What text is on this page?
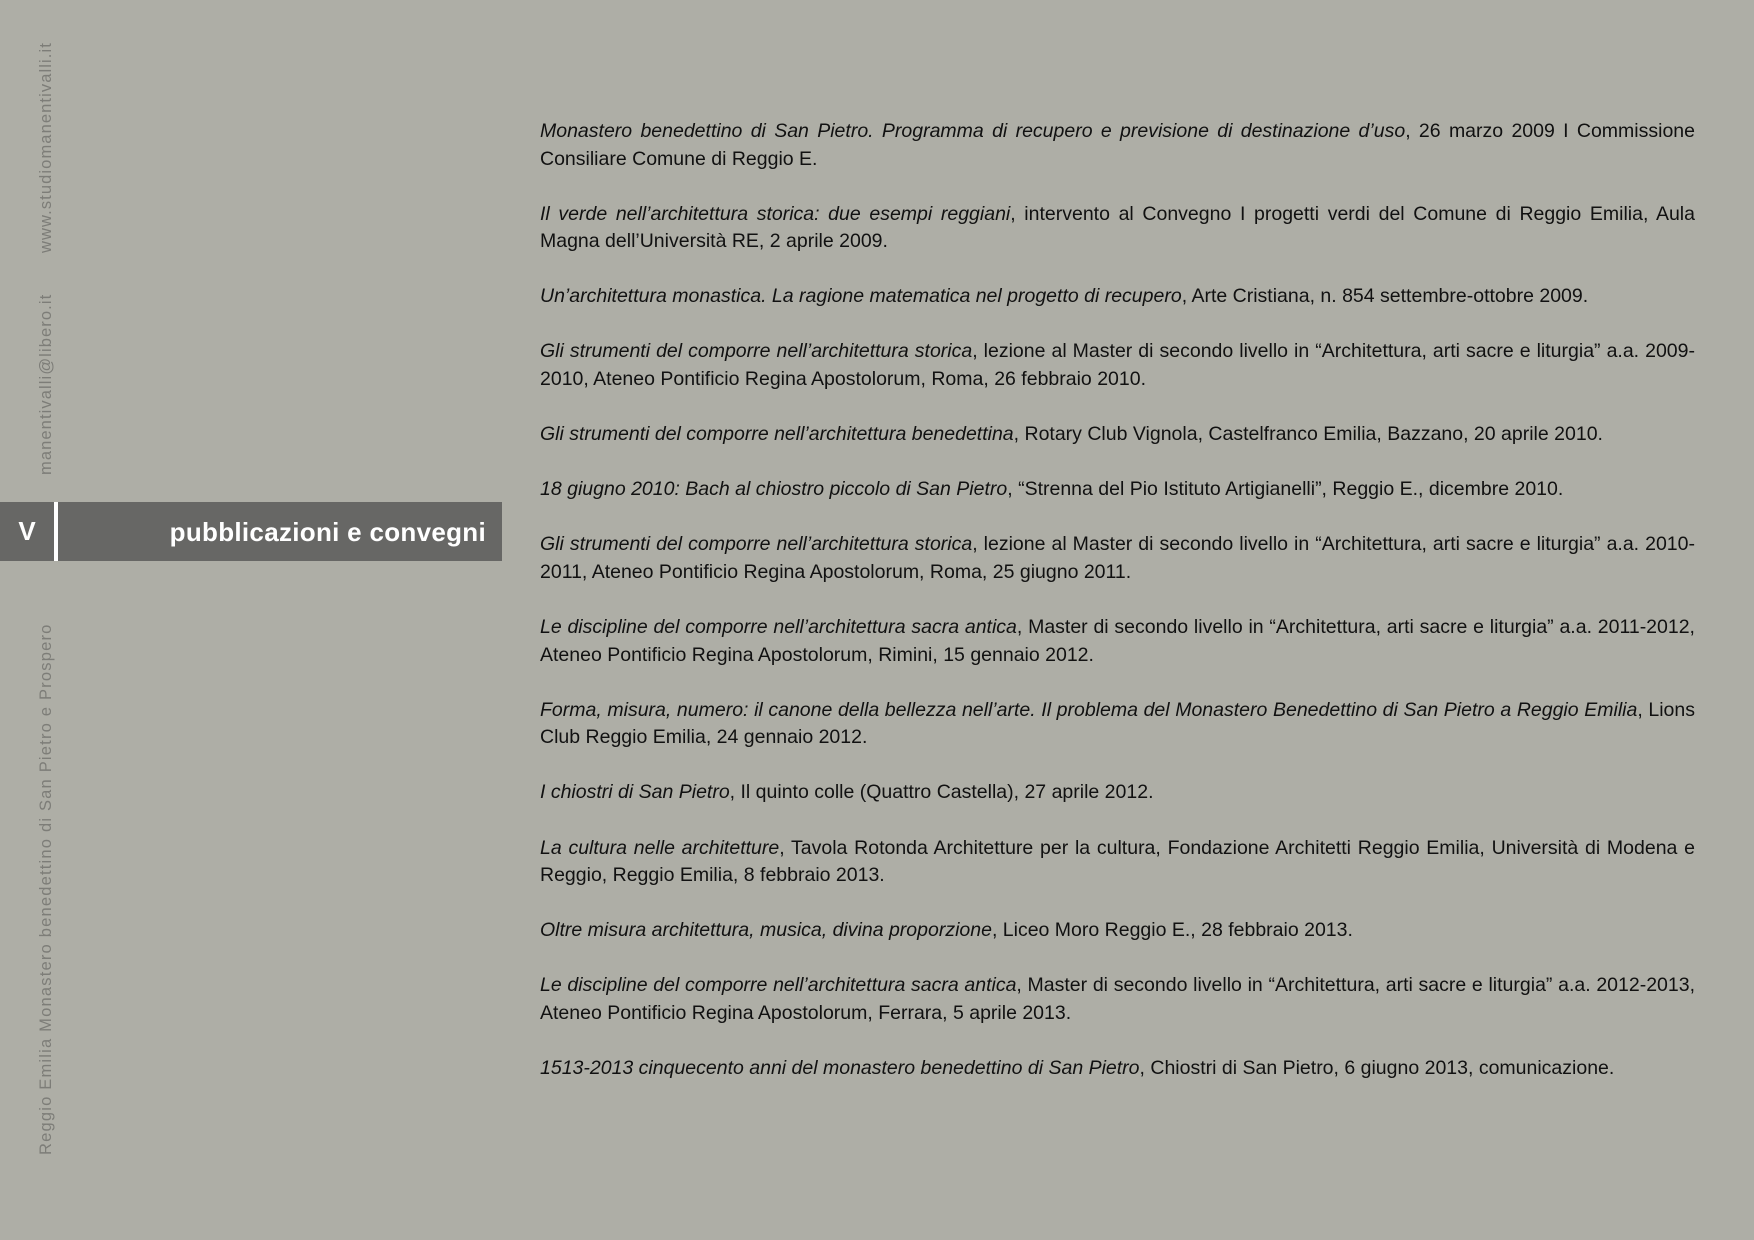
www.studiomanentivalli.it
manentivalli@libero.it
Reggio Emilia Monastero benedettino di San Pietro e Prospero
V	pubblicazioni e convegni

Monastero benedettino di San Pietro. Programma di recupero e previsione di destinazione d’uso, 26 marzo 2009 I Commissione Consiliare Comune di Reggio E.

Il verde nell’architettura storica: due esempi reggiani, intervento al Convegno I progetti verdi del Comune di Reggio Emilia, Aula Magna dell’Università RE, 2 aprile 2009.

Un’architettura monastica. La ragione matematica nel progetto di recupero, Arte Cristiana, n. 854 settembre-ottobre 2009.

Gli strumenti del comporre nell’architettura storica, lezione al Master di secondo livello in “Architettura, arti sacre e liturgia” a.a. 2009-2010, Ateneo Pontificio Regina Apostolorum, Roma, 26 febbraio 2010.

Gli strumenti del comporre nell’architettura benedettina, Rotary Club Vignola, Castelfranco Emilia, Bazzano, 20 aprile 2010.

18 giugno 2010: Bach al chiostro piccolo di San Pietro, “Strenna del Pio Istituto Artigianelli”, Reggio E., dicembre 2010.

Gli strumenti del comporre nell’architettura storica, lezione al Master di secondo livello in “Architettura, arti sacre e liturgia” a.a. 2010-2011, Ateneo Pontificio Regina Apostolorum, Roma, 25 giugno 2011.

Le discipline del comporre nell’architettura sacra antica, Master di secondo livello in “Architettura, arti sacre e liturgia” a.a. 2011-2012, Ateneo Pontificio Regina Apostolorum, Rimini, 15 gennaio 2012.

Forma, misura, numero: il canone della bellezza nell’arte. Il problema del Monastero Benedettino di San Pietro a Reggio Emilia, Lions Club Reggio Emilia, 24 gennaio 2012.

I chiostri di San Pietro, Il quinto colle (Quattro Castella), 27 aprile 2012.

La cultura nelle architetture, Tavola Rotonda Architetture per la cultura, Fondazione Architetti Reggio Emilia, Università di Modena e Reggio, Reggio Emilia, 8 febbraio 2013.

Oltre misura architettura, musica, divina proporzione, Liceo Moro Reggio E., 28 febbraio 2013.

Le discipline del comporre nell’architettura sacra antica, Master di secondo livello in “Architettura, arti sacre e liturgia” a.a. 2012-2013, Ateneo Pontificio Regina Apostolorum, Ferrara, 5 aprile 2013.

1513-2013 cinquecento anni del monastero benedettino di San Pietro, Chiostri di San Pietro, 6 giugno 2013, comunicazione.
